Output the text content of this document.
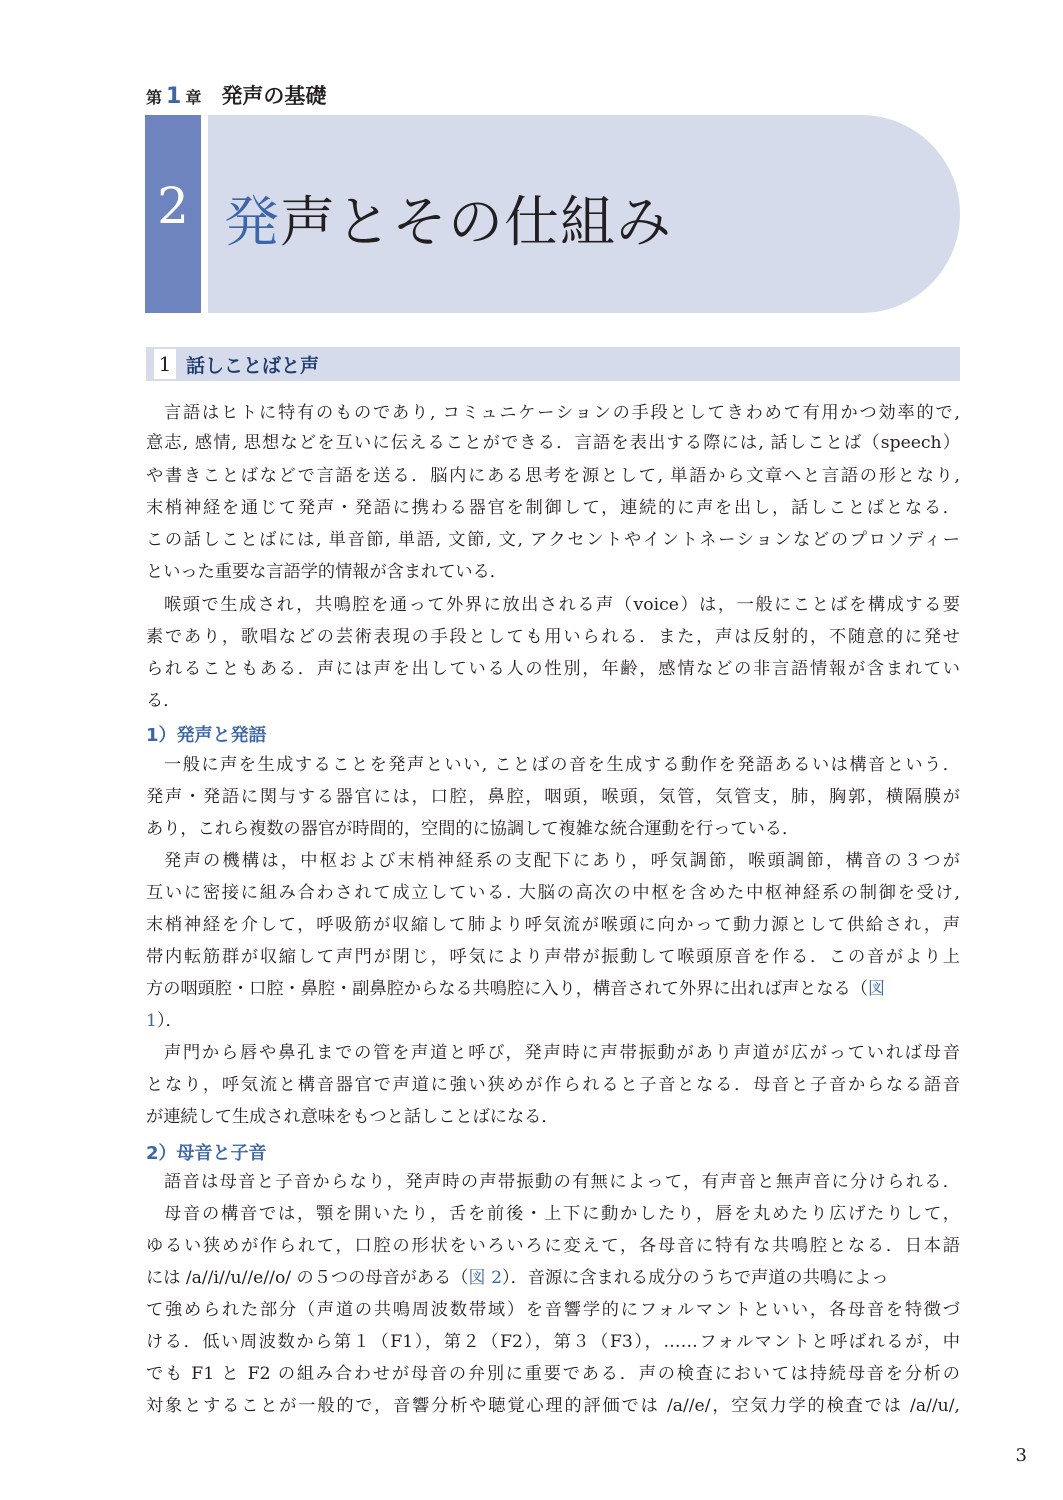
第 1 章 発声の基礎
2 発声とその仕組み
1 話しことばと声
言語はヒトに特有のものであり, コミュニケーションの手段としてきわめて有用かつ効率的で,
意志, 感情, 思想などを互いに伝えることができる．言語を表出する際には, 話しことば（speech）
や書きことばなどで言語を送る．脳内にある思考を源として, 単語から文章へと言語の形となり,
末梢神経を通じて発声・発語に携わる器官を制御して，連続的に声を出し，話しことばとなる．
この話しことばには, 単音節, 単語, 文節, 文, アクセントやイントネーションなどのプロソディー
といった重要な言語学的情報が含まれている．
喉頭で生成され，共鳴腔を通って外界に放出される声（voice）は，一般にことばを構成する要
素であり，歌唱などの芸術表現の手段としても用いられる．また，声は反射的，不随意的に発せ
られることもある．声には声を出している人の性別，年齢，感情などの非言語情報が含まれてい
る．
1）発声と発語
一般に声を生成することを発声といい, ことばの音を生成する動作を発語あるいは構音という．
発声・発語に関与する器官には，口腔，鼻腔，咽頭，喉頭，気管，気管支，肺，胸郭，横隔膜が
あり，これら複数の器官が時間的，空間的に協調して複雑な統合運動を行っている．
発声の機構は，中枢および末梢神経系の支配下にあり，呼気調節，喉頭調節，構音の３つが
互いに密接に組み合わされて成立している. 大脳の高次の中枢を含めた中枢神経系の制御を受け,
末梢神経を介して，呼吸筋が収縮して肺より呼気流が喉頭に向かって動力源として供給され，声
帯内転筋群が収縮して声門が閉じ，呼気により声帯が振動して喉頭原音を作る．この音がより上
方の咽頭腔・口腔・鼻腔・副鼻腔からなる共鳴腔に入り，構音されて外界に出れば声となる（図
1）．
声門から唇や鼻孔までの管を声道と呼び，発声時に声帯振動があり声道が広がっていれば母音
となり，呼気流と構音器官で声道に強い狭めが作られると子音となる．母音と子音からなる語音
が連続して生成され意味をもつと話しことばになる．
2）母音と子音
語音は母音と子音からなり，発声時の声帯振動の有無によって，有声音と無声音に分けられる．
母音の構音では，顎を開いたり，舌を前後・上下に動かしたり，唇を丸めたり広げたりして，
ゆるい狭めが作られて，口腔の形状をいろいろに変えて，各母音に特有な共鳴腔となる．日本語
には /a//i//u//e//o/ の５つの母音がある（図 2）．音源に含まれる成分のうちで声道の共鳴によっ
て強められた部分（声道の共鳴周波数帯域）を音響学的にフォルマントといい，各母音を特徴づ
ける．低い周波数から第１（F1），第２（F2），第３（F3），……フォルマントと呼ばれるが，中
でも F1 と F2 の組み合わせが母音の弁別に重要である．声の検査においては持続母音を分析の
対象とすることが一般的で，音響分析や聴覚心理的評価では /a//e/，空気力学的検査では /a//u/,
3
